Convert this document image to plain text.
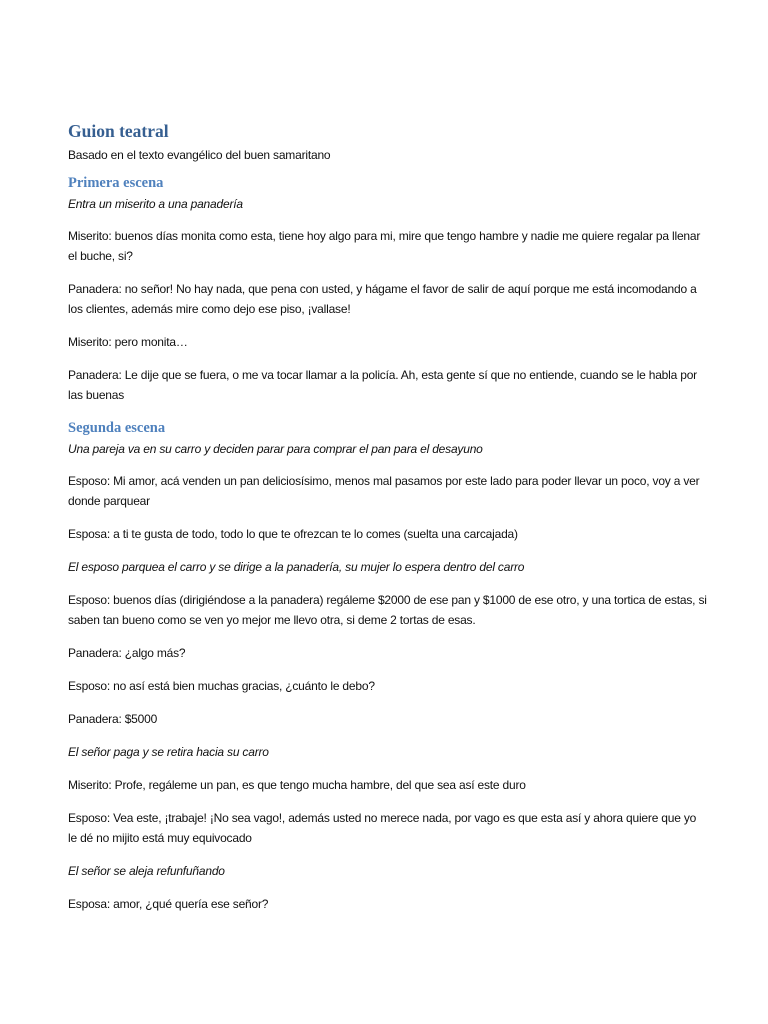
Guion teatral
Basado en el texto evangélico del buen samaritano
Primera escena

Entra un miserito a una panadería

Miserito: buenos días monita como esta, tiene hoy algo para mi, mire que tengo hambre y nadie me quiere regalar pa llenar el buche, si?

Panadera: no señor! No hay nada, que pena con usted, y hágame el favor de salir de aquí porque me está incomodando a los clientes, además mire como dejo ese piso, ¡vallase!

Miserito: pero monita…

Panadera: Le dije que se fuera, o me va tocar llamar a la policía. Ah, esta gente sí que no entiende, cuando se le habla por las buenas

Segunda escena

Una pareja va en su carro y deciden parar para comprar el pan para el desayuno

Esposo: Mi amor, acá venden un pan deliciosísimo, menos mal pasamos por este lado para poder llevar un poco, voy a ver donde parquear

Esposa: a ti te gusta de todo, todo lo que te ofrezcan te lo comes (suelta una carcajada)

El esposo parquea el carro y se dirige a la panadería, su mujer lo espera dentro del carro

Esposo: buenos días (dirigiéndose a la panadera) regáleme $2000 de ese pan y $1000 de ese otro, y una tortica de estas, si saben tan bueno como se ven yo mejor me llevo otra, si deme 2 tortas de esas.

Panadera: ¿algo más?

Esposo: no así está bien muchas gracias, ¿cuánto le debo?

Panadera: $5000

El señor paga y se retira hacia su carro

Miserito: Profe, regáleme un pan, es que tengo mucha hambre, del que sea así este duro

Esposo: Vea este, ¡trabaje! ¡No sea vago!, además usted no merece nada, por vago es que esta así y ahora quiere que yo le dé no mijito está muy equivocado

El señor se aleja refunfuñando

Esposa: amor, ¿qué quería ese señor?
